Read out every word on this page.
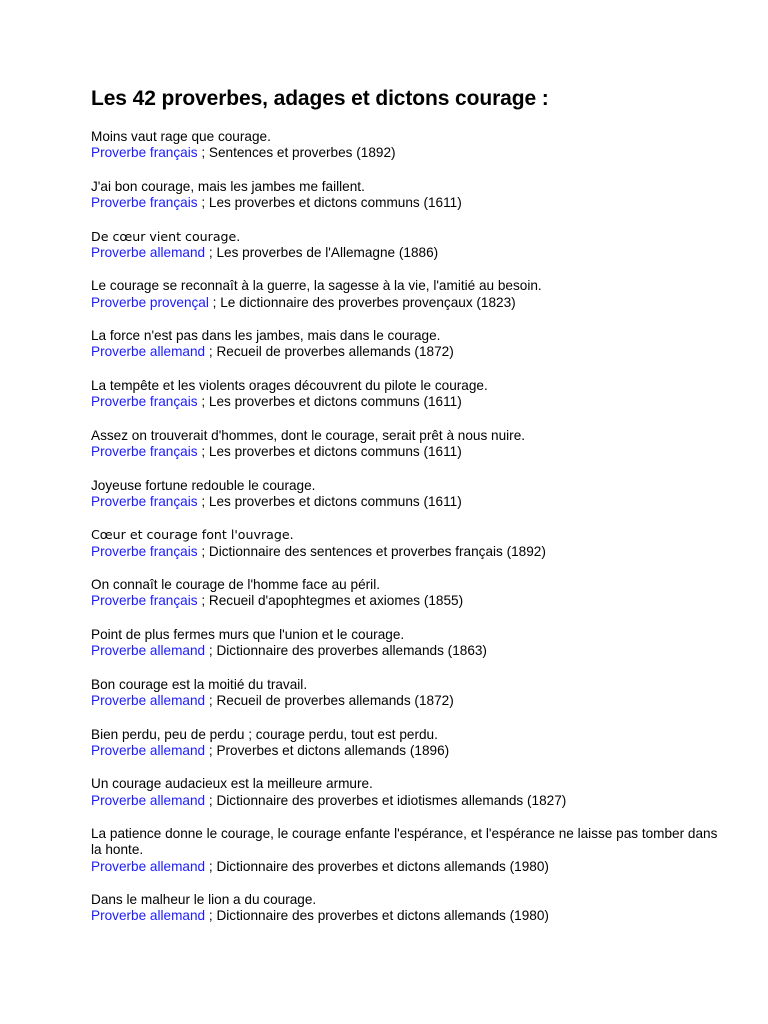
Les 42 proverbes, adages et dictons courage :
Moins vaut rage que courage.
Proverbe français ; Sentences et proverbes (1892)
J'ai bon courage, mais les jambes me faillent.
Proverbe français ; Les proverbes et dictons communs (1611)
De cœur vient courage.
Proverbe allemand ; Les proverbes de l'Allemagne (1886)
Le courage se reconnaît à la guerre, la sagesse à la vie, l'amitié au besoin.
Proverbe provençal ; Le dictionnaire des proverbes provençaux (1823)
La force n'est pas dans les jambes, mais dans le courage.
Proverbe allemand ; Recueil de proverbes allemands (1872)
La tempête et les violents orages découvrent du pilote le courage.
Proverbe français ; Les proverbes et dictons communs (1611)
Assez on trouverait d'hommes, dont le courage, serait prêt à nous nuire.
Proverbe français ; Les proverbes et dictons communs (1611)
Joyeuse fortune redouble le courage.
Proverbe français ; Les proverbes et dictons communs (1611)
Cœur et courage font l'ouvrage.
Proverbe français ; Dictionnaire des sentences et proverbes français (1892)
On connaît le courage de l'homme face au péril.
Proverbe français ; Recueil d'apophtegmes et axiomes (1855)
Point de plus fermes murs que l'union et le courage.
Proverbe allemand ; Dictionnaire des proverbes allemands (1863)
Bon courage est la moitié du travail.
Proverbe allemand ; Recueil de proverbes allemands (1872)
Bien perdu, peu de perdu ; courage perdu, tout est perdu.
Proverbe allemand ; Proverbes et dictons allemands (1896)
Un courage audacieux est la meilleure armure.
Proverbe allemand ; Dictionnaire des proverbes et idiotismes allemands (1827)
La patience donne le courage, le courage enfante l'espérance, et l'espérance ne laisse pas tomber dans la honte.
Proverbe allemand ; Dictionnaire des proverbes et dictons allemands (1980)
Dans le malheur le lion a du courage.
Proverbe allemand ; Dictionnaire des proverbes et dictons allemands (1980)
